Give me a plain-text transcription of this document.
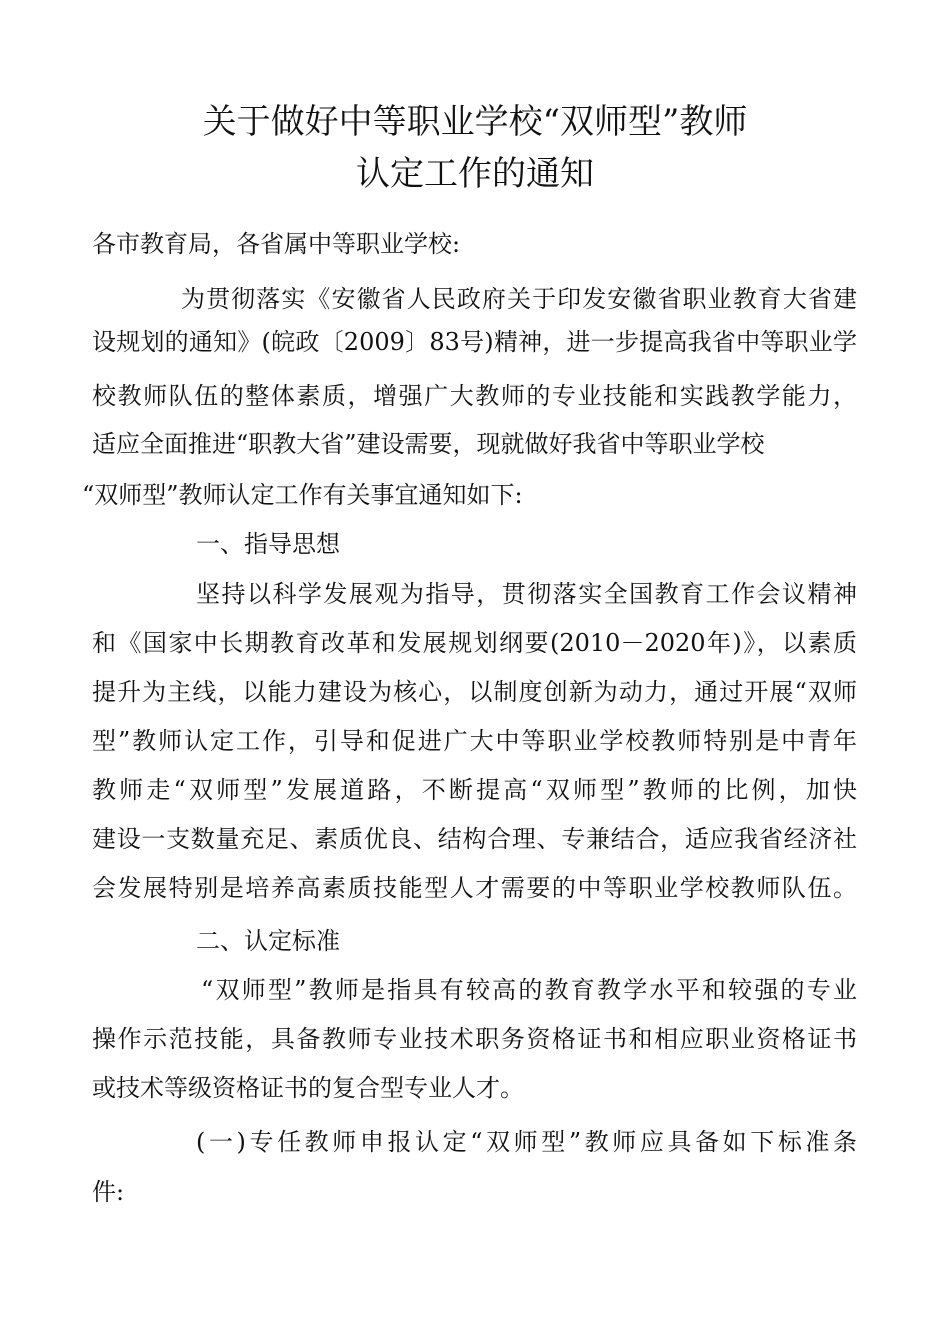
关于做好中等职业学校“双师型”教师
认定工作的通知
各市教育局，各省属中等职业学校:
为贯彻落实《安徽省人民政府关于印发安徽省职业教育大省建
设规划的通知》(皖政〔2009〕83号)精神，进一步提高我省中等职业学
校教师队伍的整体素质，增强广大教师的专业技能和实践教学能力，
适应全面推进“职教大省”建设需要，现就做好我省中等职业学校
“双师型”教师认定工作有关事宜通知如下:
一、指导思想
坚持以科学发展观为指导，贯彻落实全国教育工作会议精神
和《国家中长期教育改革和发展规划纲要(2010－2020年)》，以素质
提升为主线，以能力建设为核心，以制度创新为动力，通过开展“双师
型”教师认定工作，引导和促进广大中等职业学校教师特别是中青年
教师走“双师型”发展道路，不断提高“双师型”教师的比例，加快
建设一支数量充足、素质优良、结构合理、专兼结合，适应我省经济社
会发展特别是培养高素质技能型人才需要的中等职业学校教师队伍。
二、认定标准
“双师型”教师是指具有较高的教育教学水平和较强的专业
操作示范技能，具备教师专业技术职务资格证书和相应职业资格证书
或技术等级资格证书的复合型专业人才。
(一)专任教师申报认定“双师型”教师应具备如下标准条
件:
